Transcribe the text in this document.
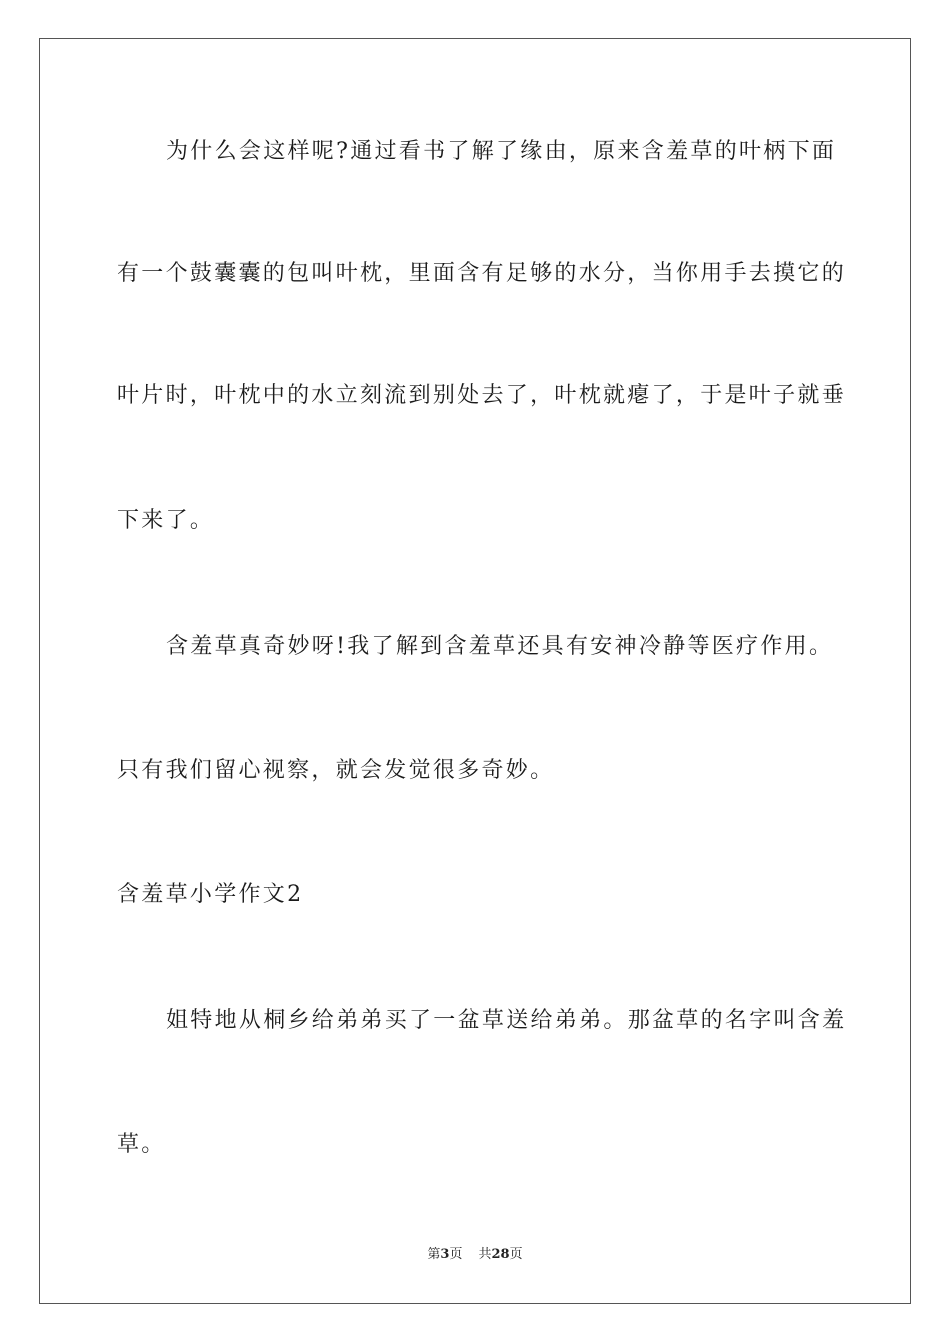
为什么会这样呢?通过看书了解了缘由，原来含羞草的叶柄下面
有一个鼓囊囊的包叫叶枕，里面含有足够的水分，当你用手去摸它的
叶片时，叶枕中的水立刻流到别处去了，叶枕就瘪了，于是叶子就垂
下来了。
含羞草真奇妙呀!我了解到含羞草还具有安神冷静等医疗作用。
只有我们留心视察，就会发觉很多奇妙。
含羞草小学作文2
姐特地从桐乡给弟弟买了一盆草送给弟弟。那盆草的名字叫含羞
草。
第3页 共28页
